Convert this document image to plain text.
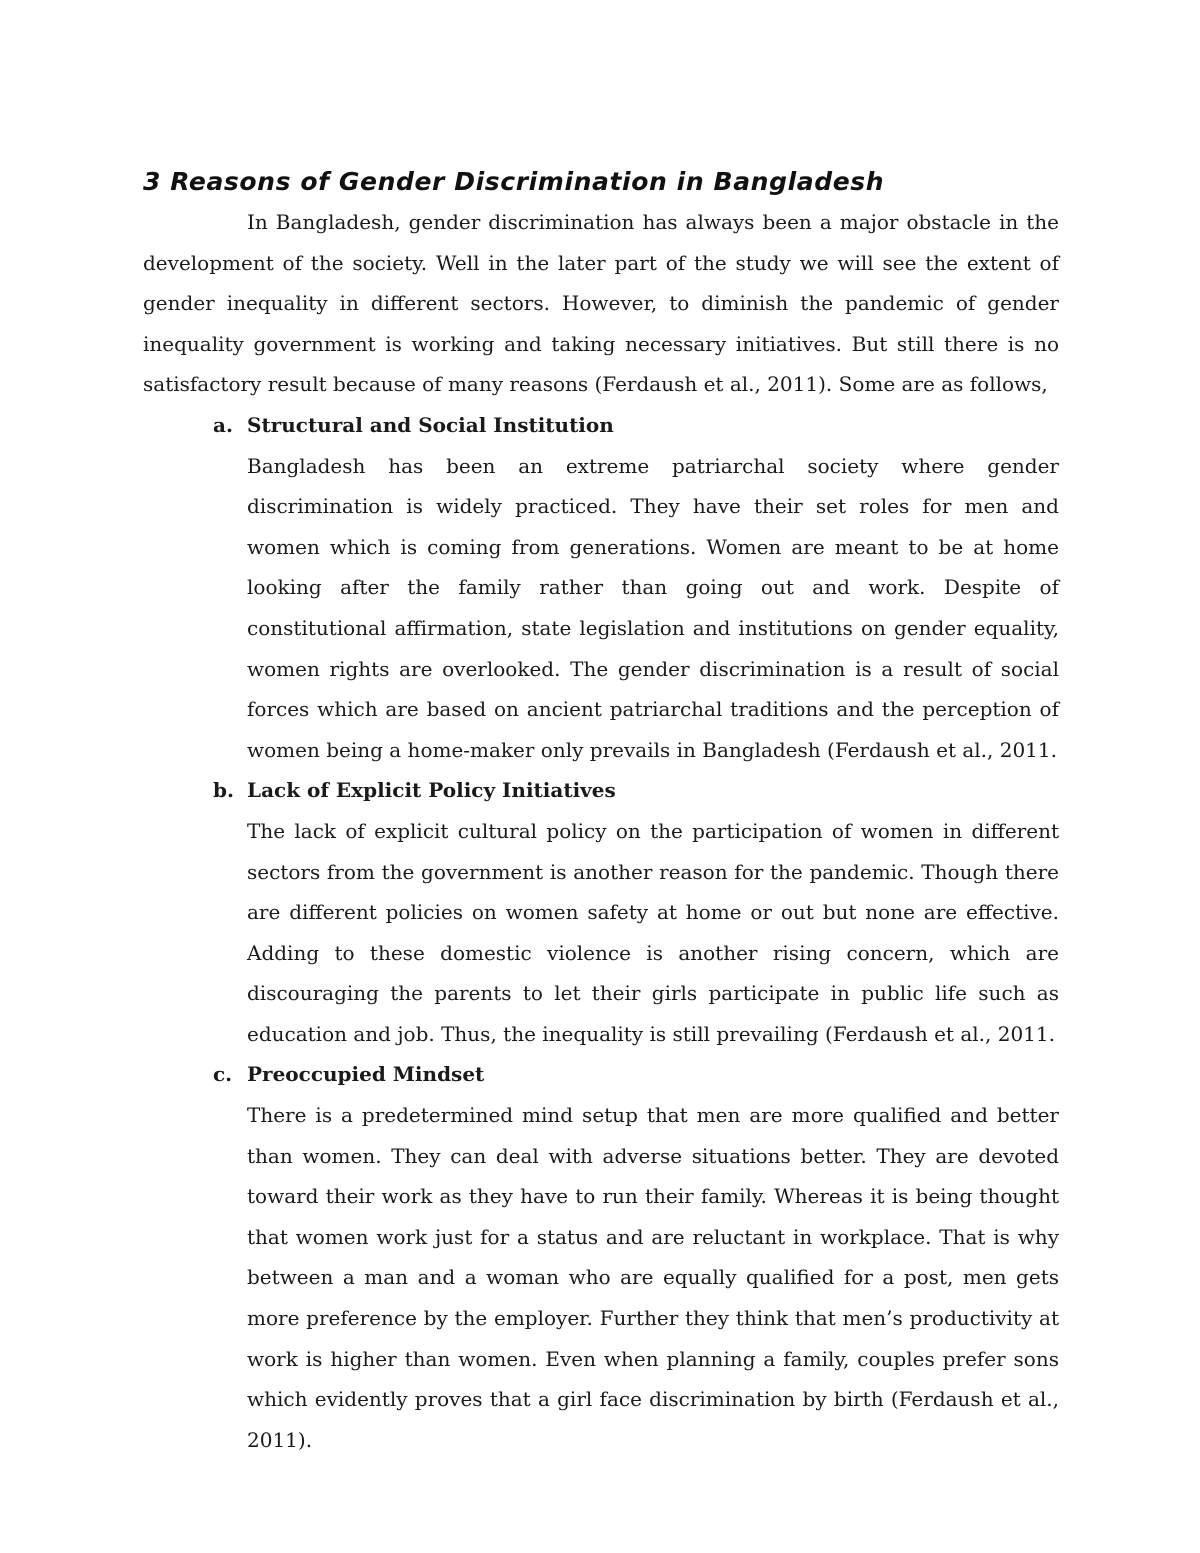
3 Reasons of Gender Discrimination in Bangladesh

In Bangladesh, gender discrimination has always been a major obstacle in the development of the society. Well in the later part of the study we will see the extent of gender inequality in different sectors. However, to diminish the pandemic of gender inequality government is working and taking necessary initiatives. But still there is no satisfactory result because of many reasons (Ferdaush et al., 2011). Some are as follows,

a. Structural and Social Institution

Bangladesh has been an extreme patriarchal society where gender discrimination is widely practiced. They have their set roles for men and women which is coming from generations. Women are meant to be at home looking after the family rather than going out and work. Despite of constitutional affirmation, state legislation and institutions on gender equality, women rights are overlooked. The gender discrimination is a result of social forces which are based on ancient patriarchal traditions and the perception of women being a home-maker only prevails in Bangladesh (Ferdaush et al., 2011.

b. Lack of Explicit Policy Initiatives

The lack of explicit cultural policy on the participation of women in different sectors from the government is another reason for the pandemic. Though there are different policies on women safety at home or out but none are effective. Adding to these domestic violence is another rising concern, which are discouraging the parents to let their girls participate in public life such as education and job. Thus, the inequality is still prevailing (Ferdaush et al., 2011.

c. Preoccupied Mindset

There is a predetermined mind setup that men are more qualified and better than women. They can deal with adverse situations better. They are devoted toward their work as they have to run their family. Whereas it is being thought that women work just for a status and are reluctant in workplace. That is why between a man and a woman who are equally qualified for a post, men gets more preference by the employer. Further they think that men’s productivity at work is higher than women. Even when planning a family, couples prefer sons which evidently proves that a girl face discrimination by birth (Ferdaush et al., 2011).
